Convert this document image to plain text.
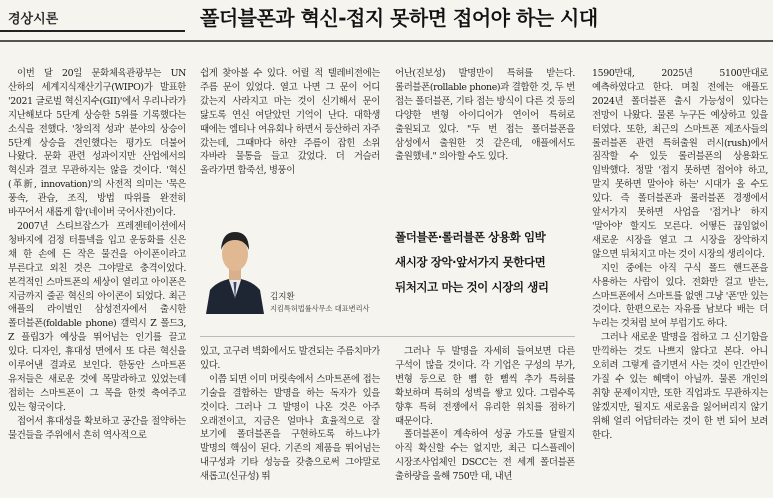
경상시론	폴더블폰과 혁신-접지 못하면 접어야 하는 시대

이번 달 20일 문화체육관광부는 UN 산하의 세계지식재산기구(WIPO)가 발표한 '2021 글로벌 혁신지수(GII)'에서 우리나라가 지난해보다 5단계 상승한 5위를 기록했다는 소식을 전했다. '창의적 성과' 분야의 상승이 5단계 상승을 견인했다는 평가도 더불어 나왔다. 문화 관련 성과이지만 산업에서의 혁신과 결코 무관하지는 않을 것이다. '혁신(革新, innovation)'의 사전적 의미는 '묵은 풍속, 관습, 조직, 방법 따위를 완전히 바꾸어서 새롭게 함'(네이버 국어사전)이다.

2007년 스티브잡스가 프레젠테이션에서 청바지에 검정 터틀넥을 입고 운동화를 신은 채 한 손에 든 작은 물건을 아이폰이라고 부른다고 외친 것은 그야말로 충격이었다. 본격적인 스마트폰의 세상이 열리고 아이폰은 지금까지 줄곧 혁신의 아이콘이 되었다. 최근 애플의 라이벌인 삼성전자에서 출시한 폴더블폰(foldable phone) 갤럭시 Z 폴드3, Z 플립3가 예상을 뛰어넘는 인기를 끌고 있다. 디자인, 휴대성 면에서 또 다른 혁신을 이루어낸 결과로 보인다. 한동안 스마트폰 유저들은 새로운 것에 목말라하고 있었는데 접히는 스마트폰이 그 목을 한껏 축여주고 있는 형국이다.

접어서 휴대성을 확보하고 공간을 절약하는 물건들을 주위에서 흔히 역사적으로

쉽게 찾아볼 수 있다. 어릴 적 텔레비전에는 주름 문이 있었다. 열고 나면 그 문이 어디 갔는지 사라지고 마는 것이 신기해서 문이 닳도록 연신 여닫았던 기억이 난다. 대학생 때에는 엠티나 여유회나 하면서 등산하러 자주 갔는데, 그때마다 하얀 주름이 잡힌 소위 자바라 물통을 들고 갔었다. 더 거슬러 올라가면 합죽선, 병풍이

어난(진보성) 발명만이 특허를 받는다. 롤러블폰(rollable phone)과 결합한 것, 두 번 접는 폴더블폰, 기타 접는 방식이 다른 것 등의 다양한 변형 아이디어가 연이어 특허로 출원되고 있다. "두 번 접는 폴더블폰을 삼성에서 출원한 것 같은데, 애플에서도 출원했네." 의아할 수도 있다.

김지환
지킴특허법률사무소 대표변리사
폴더블폰·롤러블폰 상용화 임박 새시장 장악·앞서가지 못한다면 뒤처지고 마는 것이 시장의 생리

있고, 고구려 벽화에서도 발견되는 주름치마가 있다.

이쯤 되면 이미 머릿속에서 스마트폰에 접는 기술을 결합하는 발명을 하는 독자가 있을 것이다. 그러나 그 발명이 나온 것은 아주 오래전이고, 지금은 얼마나 효율적으로 잘 보기에 폴더블폰을 구현하도록 하느냐가 발명의 핵심이 된다. 기존의 제품을 뛰어넘는 내구성과 기타 성능을 갖춤으로써 그야말로 새롭고(신규성) 뛰

그러나 두 발명을 자세히 들여보면 다른 구석이 많을 것이다. 각 기업은 구성의 부가, 변형 등으로 한 뼘 한 뼘씩 추가 특허를 확보하며 특허의 성벽을 쌓고 있다. 그럼수록 향후 특허 전쟁에서 유리한 위치를 점하기 때문이다.

폴더블폰이 계속하여 성공 가도를 달릴지 아직 확신할 수는 없지만, 최근 디스플레이 시장조사업체인 DSCC는 전 세계 폴더블폰 출하량을 올해 750만 대, 내년

1590만대, 2025년 5100만대로 예측하였다고 한다. 며칠 전에는 애플도 2024년 폴더블폰 출시 가능성이 있다는 전망이 나왔다. 물론 누구든 예상하고 있을 터였다. 또한, 최근의 스마트폰 제조사들의 롤러블폰 관련 특허출원 러시(rush)에서 짐작할 수 있듯 롤러블폰의 상용화도 임박했다. 정말 '접지 못하면 접어야 하고, 말지 못하면 말아야 하는' 시대가 올 수도 있다. 즉 폴더블폰과 롤러블폰 경쟁에서 앞서가지 못하면 사업을 '접거나' 하지 '말아야' 할지도 모른다. 어떻든 끊임없이 새로운 시장을 열고 그 시장을 장악하지 않으면 뒤처지고 마는 것이 시장의 생리이다.

지인 중에는 아직 구식 폴드 핸드폰을 사용하는 사람이 있다. 전화만 걸고 받는, 스마트폰에서 스마트를 없앤 그냥 '폰'만 있는 것이다. 한편으로는 자유를 남보다 배는 더 누리는 것처럼 보여 부럽기도 하다.

그러나 새로운 발명을 접하고 그 신기함을 만끽하는 것도 나쁘지 않다고 본다. 아니 오히려 그렇게 즐기면서 사는 것이 인간만이 가질 수 있는 혜택이 아닐까. 물론 개인의 취향 문제이지만, 또한 직업과도 무관하지는 않겠지만, 될지도 새로움을 잃어버리지 않기 위해 얼리 어답터라는 것이 한 번 되어 보려 한다.
